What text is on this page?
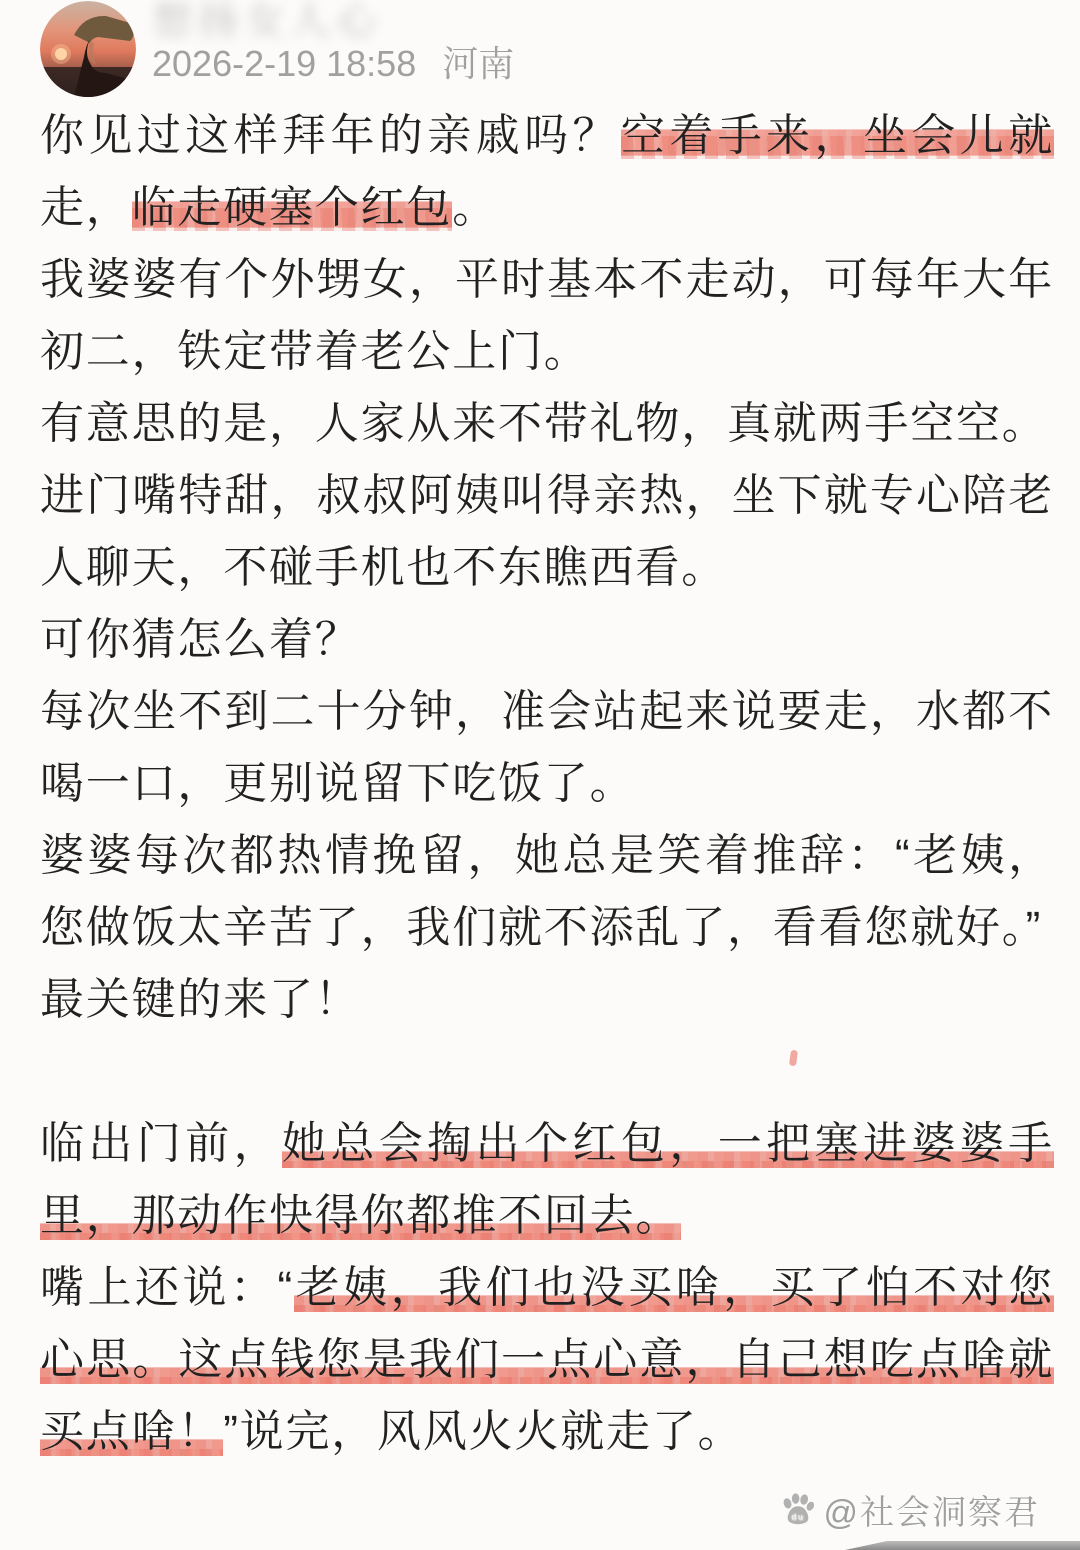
想扬女人心
2026-2-19 18:58 河南

你见过这样拜年的亲戚吗？空着手来，坐会儿就走，临走硬塞个红包。

我婆婆有个外甥女，平时基本不走动，可每年大年初二，铁定带着老公上门。

有意思的是，人家从来不带礼物，真就两手空空。

进门嘴特甜，叔叔阿姨叫得亲热，坐下就专心陪老人聊天，不碰手机也不东瞧西看。

可你猜怎么着？

每次坐不到二十分钟，准会站起来说要走，水都不喝一口，更别说留下吃饭了。

婆婆每次都热情挽留，她总是笑着推辞：“老姨，您做饭太辛苦了，我们就不添乱了，看看您就好。”

最关键的来了！

临出门前，她总会掏出个红包，一把塞进婆婆手里，那动作快得你都推不回去。

嘴上还说：“老姨，我们也没买啥，买了怕不对您心思。这点钱您是我们一点心意，自己想吃点啥就买点啥！”说完，风风火火就走了。

du @社会洞察君
